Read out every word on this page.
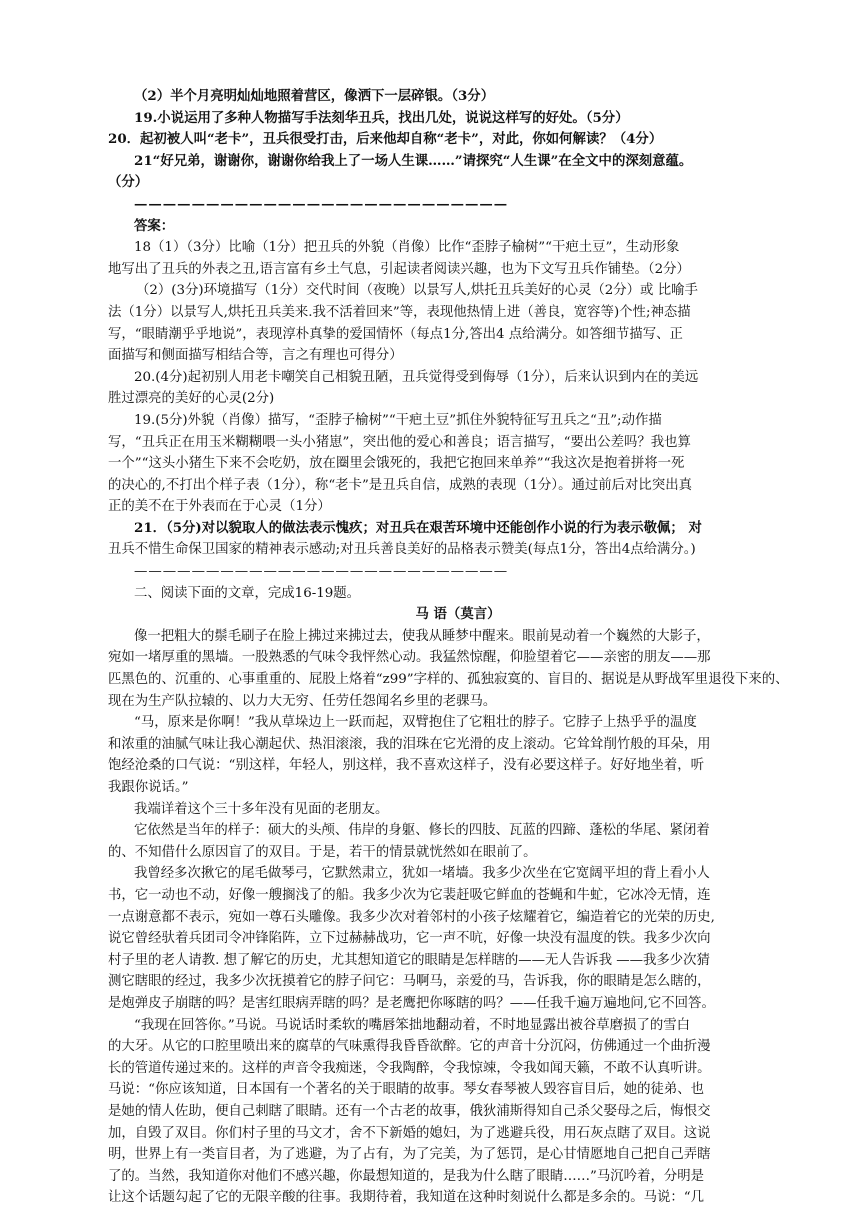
（2）半个月亮明灿灿地照着营区，像洒下一层碎银。（3分）
19.小说运用了多种人物描写手法刻华丑兵，找出几处，说说这样写的好处。（5分）
20．起初被人叫“老卡”，丑兵很受打击，后来他却自称“老卡”，对此，你如何解读？（4分）
21“好兄弟，谢谢你，谢谢你给我上了一场人生课……”请探究“人生课”在全文中的深刻意蕴。
（分）
——————————————————————————
答案：
18（1）（3分）比喻（1分）把丑兵的外貌（肖像）比作“歪脖子榆树”“干疤土豆”，生动形象
地写出了丑兵的外表之丑,语言富有乡土气息，引起读者阅读兴趣，也为下文写丑兵作铺垫。（2分）
（2）(3分)环境描写（1分）交代时间（夜晚）以景写人,烘托丑兵美好的心灵（2分）或 比喻手
法（1分）以景写人,烘托丑兵美来.我不活着回来”等，表现他热情上进（善良，宽容等)个性;神态描
写，“眼睛潮乎乎地说”，表现淳朴真挚的爱国情怀（每点1分,答出4 点给满分。如答细节描写、正
面描写和侧面描写相结合等，言之有理也可得分）
20.(4分)起初别人用老卡嘲笑自己相貌丑陋，丑兵觉得受到侮辱（1分），后来认识到内在的美远
胜过漂亮的美好的心灵(2分)
19.(5分)外貌（肖像）描写，“歪脖子榆树”“干疤土豆”抓住外貌特征写丑兵之“丑”;动作描
写，“丑兵正在用玉米糊糊喂一头小猪崽”，突出他的爱心和善良；语言描写，“要出公差吗？我也算
一个”“这头小猪生下来不会吃奶，放在圈里会饿死的，我把它抱回来单养”“我这次是抱着拼将一死
的决心的,不打出个样子表（1分），称“老卡”是丑兵自信，成熟的表现（1分）。通过前后对比突出真
正的美不在于外表而在于心灵（1分）
21．（5分)对以貌取人的做法表示愧疚；对丑兵在艰苦环境中还能创作小说的行为表示敬佩； 对
丑兵不惜生命保卫国家的精神表示感动;对丑兵善良美好的品格表示赞美(每点1分，答出4点给满分。)
——————————————————————————
二、阅读下面的文章，完成16-19题。
马 语（莫言）
像一把粗大的鬃毛刷子在脸上拂过来拂过去，使我从睡梦中醒来。眼前晃动着一个巍然的大影子，
宛如一堵厚重的黑墙。一股熟悉的气味令我怦然心动。我猛然惊醒，仰脸望着它——亲密的朋友——那
匹黑色的、沉重的、心事重重的、屁股上烙着“z99”字样的、孤独寂寞的、盲目的、据说是从野战军里退役下来的、
现在为生产队拉辕的、以力大无穷、任劳任怨闻名乡里的老骒马。
“马，原来是你啊！”我从草垛边上一跃而起，双臂抱住了它粗壮的脖子。它脖子上热乎乎的温度
和浓重的油腻气味让我心潮起伏、热泪滚滚，我的泪珠在它光滑的皮上滚动。它耸耸削竹般的耳朵，用
饱经沧桑的口气说：“别这样，年轻人，别这样，我不喜欢这样子，没有必要这样子。好好地坐着，听
我跟你说话。”
我端详着这个三十多年没有见面的老朋友。
它依然是当年的样子：硕大的头颅、伟岸的身躯、修长的四肢、瓦蓝的四蹄、蓬松的华尾、紧闭着
的、不知借什么原因盲了的双目。于是，若干的情景就恍然如在眼前了。
我曾经多次揪它的尾毛做琴弓，它默然肃立，犹如一堵墙。我多少次坐在它宽阔平坦的背上看小人
书，它一动也不动，好像一艘搁浅了的船。我多少次为它裴赶吸它鲜血的苍蝇和牛虻，它冰冷无情，连
一点谢意都不表示，宛如一尊石头雕像。我多少次对着邻村的小孩子炫耀着它，编造着它的光荣的历史,
说它曾经驮着兵团司令冲锋陷阵，立下过赫赫战功，它一声不吭，好像一块没有温度的铁。我多少次向
村子里的老人请教. 想了解它的历史，尤其想知道它的眼睛是怎样瞎的——无人告诉我 ——我多少次猜
测它瞎眼的经过，我多少次抚摸着它的脖子问它：马啊马，亲爱的马，告诉我，你的眼睛是怎么瞎的，
是炮弹皮子崩瞎的吗？是害红眼病弄瞎的吗？是老鹰把你啄瞎的吗？——任我千遍万遍地问,它不回答。
“我现在回答你。”马说。马说话时柔软的嘴唇笨拙地翻动着，不时地显露出被谷草磨损了的雪白
的大牙。从它的口腔里喷出来的腐草的气味熏得我昏昏欲醉。它的声音十分沉闷，仿佛通过一个曲折漫
长的管道传递过来的。这样的声音令我痴迷，令我陶醉，令我惊竦，令我如闻天籁，不敢不认真听讲。
马说：“你应该知道，日本国有一个著名的关于眼睛的故事。琴女春琴被人毁容盲目后，她的徒弟、也
是她的情人佐助，便自己刺瞎了眼睛。还有一个古老的故事，俄狄浦斯得知自己杀父娶母之后，悔恨交
加，自毁了双目。你们村子里的马文才，舍不下新婚的媳妇，为了逃避兵役，用石灰点瞎了双目。这说
明，世界上有一类盲目者，为了逃避，为了占有，为了完美，为了惩罚，是心甘情愿地自己把自己弄瞎
了的。当然，我知道你对他们不感兴趣，你最想知道的，是我为什么瞎了眼睛……”马沉吟着，分明是
让这个话题勾起了它的无限辛酸的往事。我期待着，我知道在这种时刻说什么都是多余的。马说：“几
